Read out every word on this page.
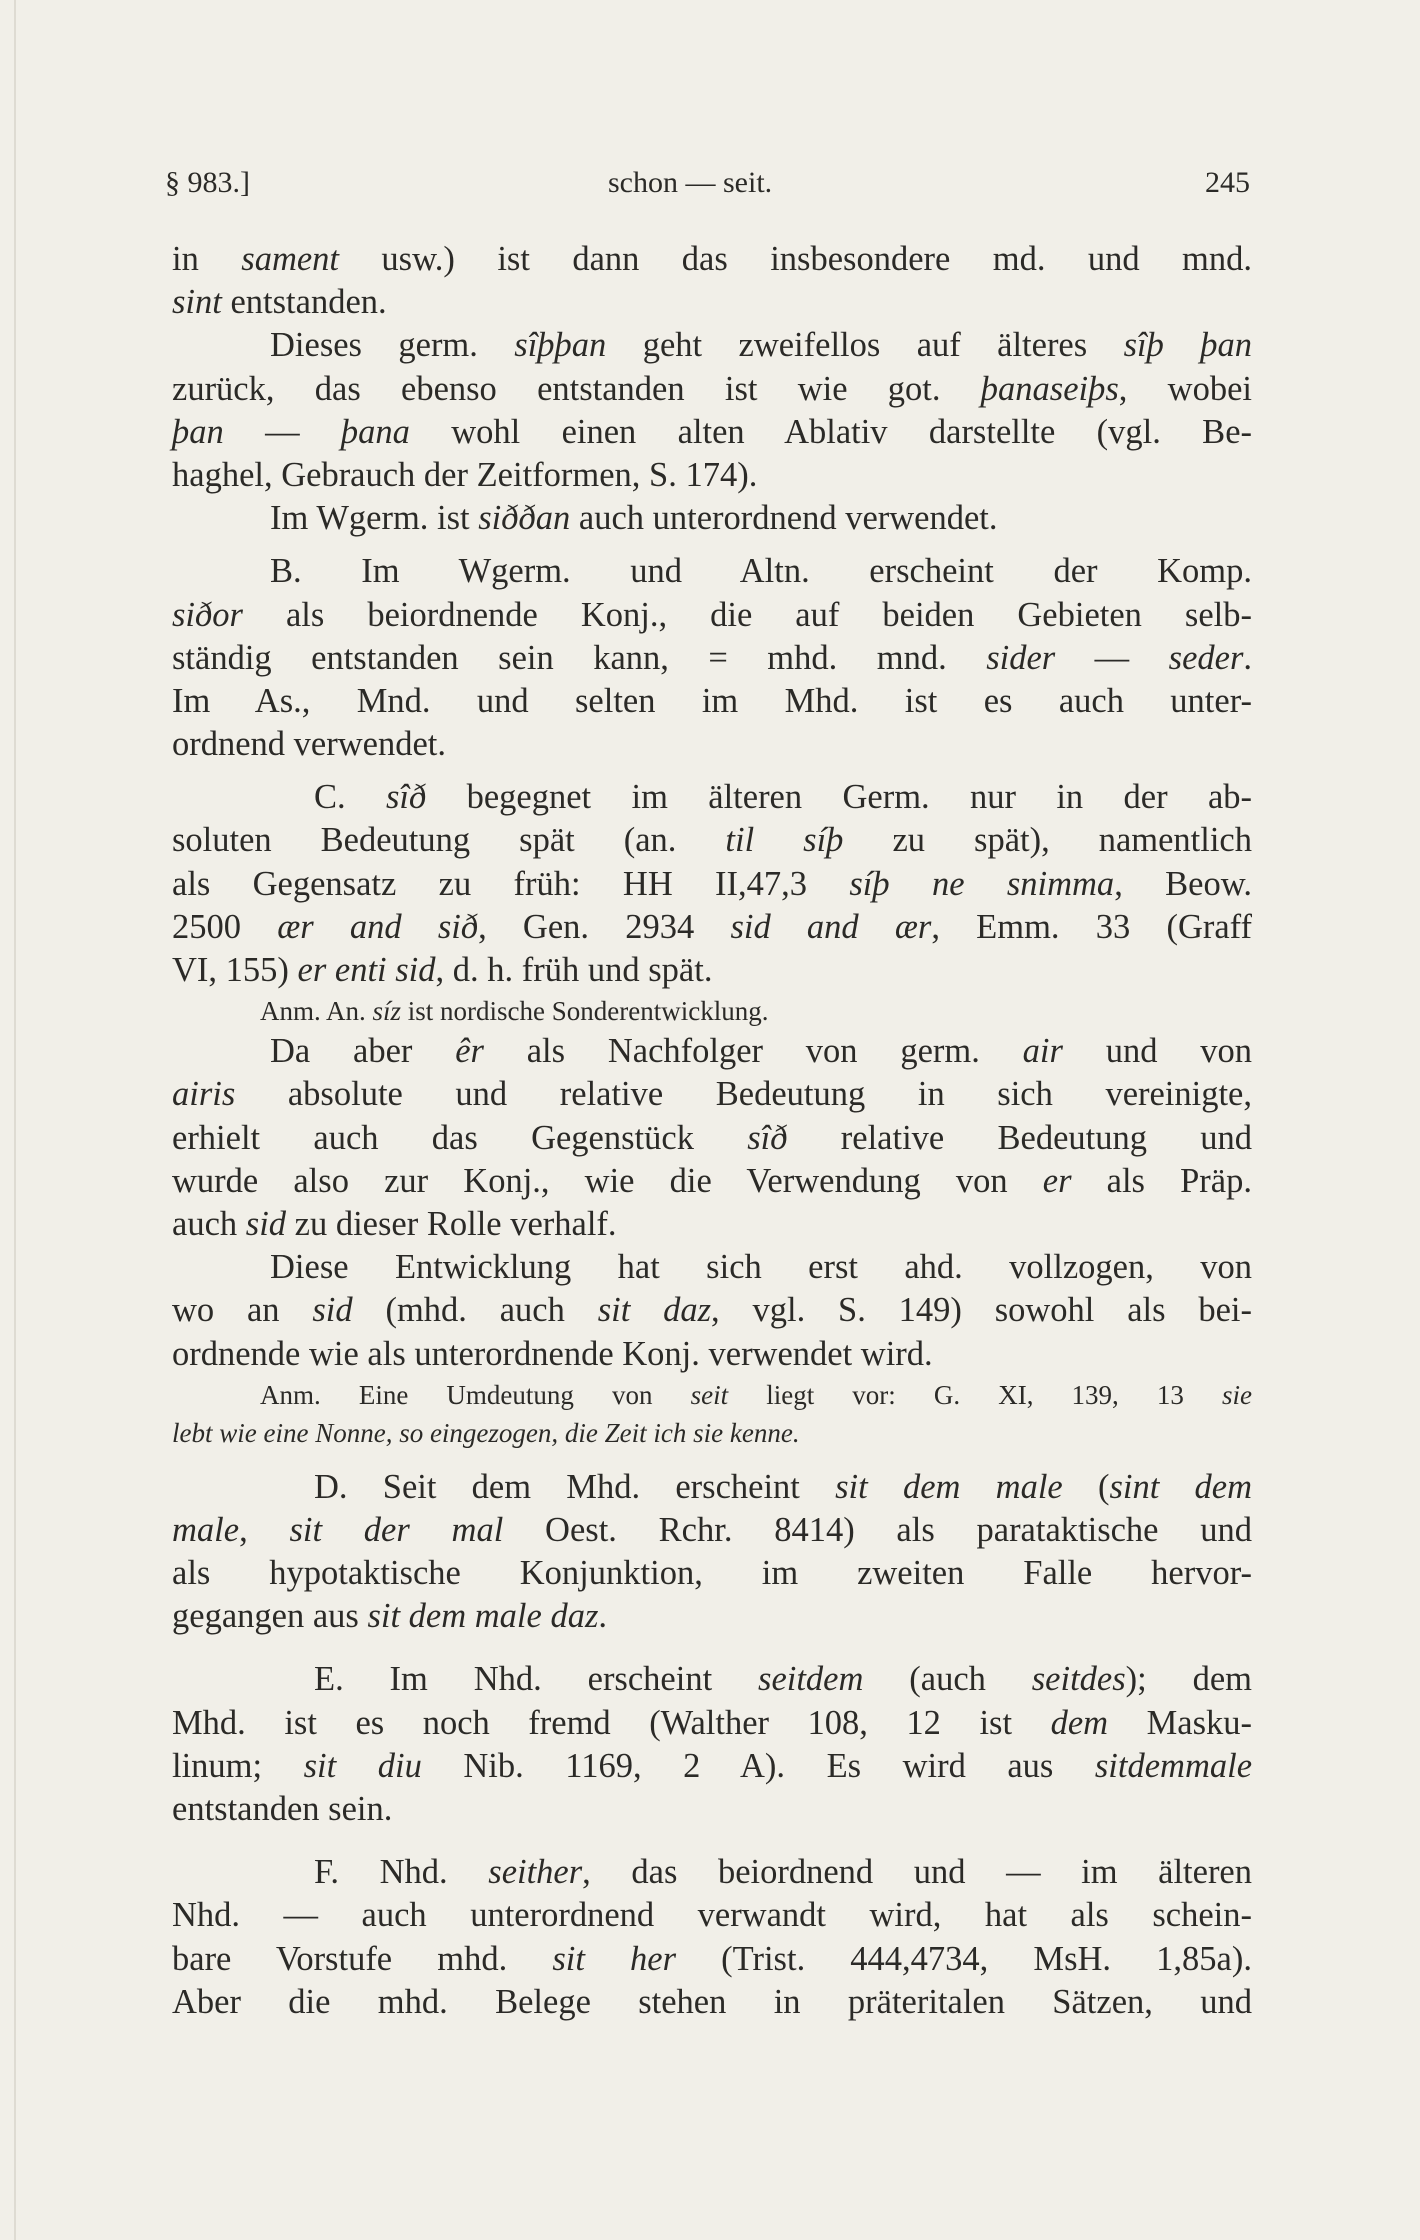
§ 983.]	schon — seit.	245
in sament usw.) ist dann das insbesondere md. und mnd.
sint entstanden.
Dieses germ. sîþþan geht zweifellos auf älteres sîþ þan
zurück, das ebenso entstanden ist wie got. þanaseiþs, wobei
þan — þana wohl einen alten Ablativ darstellte (vgl. Be-
haghel, Gebrauch der Zeitformen, S. 174).
Im Wgerm. ist siððan auch unterordnend verwendet.
B. Im Wgerm. und Altn. erscheint der Komp.
siðor als beiordnende Konj., die auf beiden Gebieten selb-
ständig entstanden sein kann, = mhd. mnd. sider — seder.
Im As., Mnd. und selten im Mhd. ist es auch unter-
ordnend verwendet.
C. sîð begegnet im älteren Germ. nur in der ab-
soluten Bedeutung spät (an. til síþ zu spät), namentlich
als Gegensatz zu früh: HH II,47,3 síþ ne snimma, Beow.
2500 ær and sið, Gen. 2934 sid and ær, Emm. 33 (Graff
VI, 155) er enti sid, d. h. früh und spät.
Anm. An. síz ist nordische Sonderentwicklung.
Da aber êr als Nachfolger von germ. air und von
airis absolute und relative Bedeutung in sich vereinigte,
erhielt auch das Gegenstück sîð relative Bedeutung und
wurde also zur Konj., wie die Verwendung von er als Präp.
auch sid zu dieser Rolle verhalf.
Diese Entwicklung hat sich erst ahd. vollzogen, von
wo an sid (mhd. auch sit daz, vgl. S. 149) sowohl als bei-
ordnende wie als unterordnende Konj. verwendet wird.
Anm. Eine Umdeutung von seit liegt vor: G. XI, 139, 13 sie
lebt wie eine Nonne, so eingezogen, die Zeit ich sie kenne.
D. Seit dem Mhd. erscheint sit dem male (sint dem
male, sit der mal Oest. Rchr. 8414) als parataktische und
als hypotaktische Konjunktion, im zweiten Falle hervor-
gegangen aus sit dem male daz.
E. Im Nhd. erscheint seitdem (auch seitdes); dem
Mhd. ist es noch fremd (Walther 108, 12 ist dem Masku-
linum; sit diu Nib. 1169, 2 A). Es wird aus sitdemmale
entstanden sein.
F. Nhd. seither, das beiordnend und — im älteren
Nhd. — auch unterordnend verwandt wird, hat als schein-
bare Vorstufe mhd. sit her (Trist. 444,4734, MsH. 1,85a).
Aber die mhd. Belege stehen in präteritalen Sätzen, und
